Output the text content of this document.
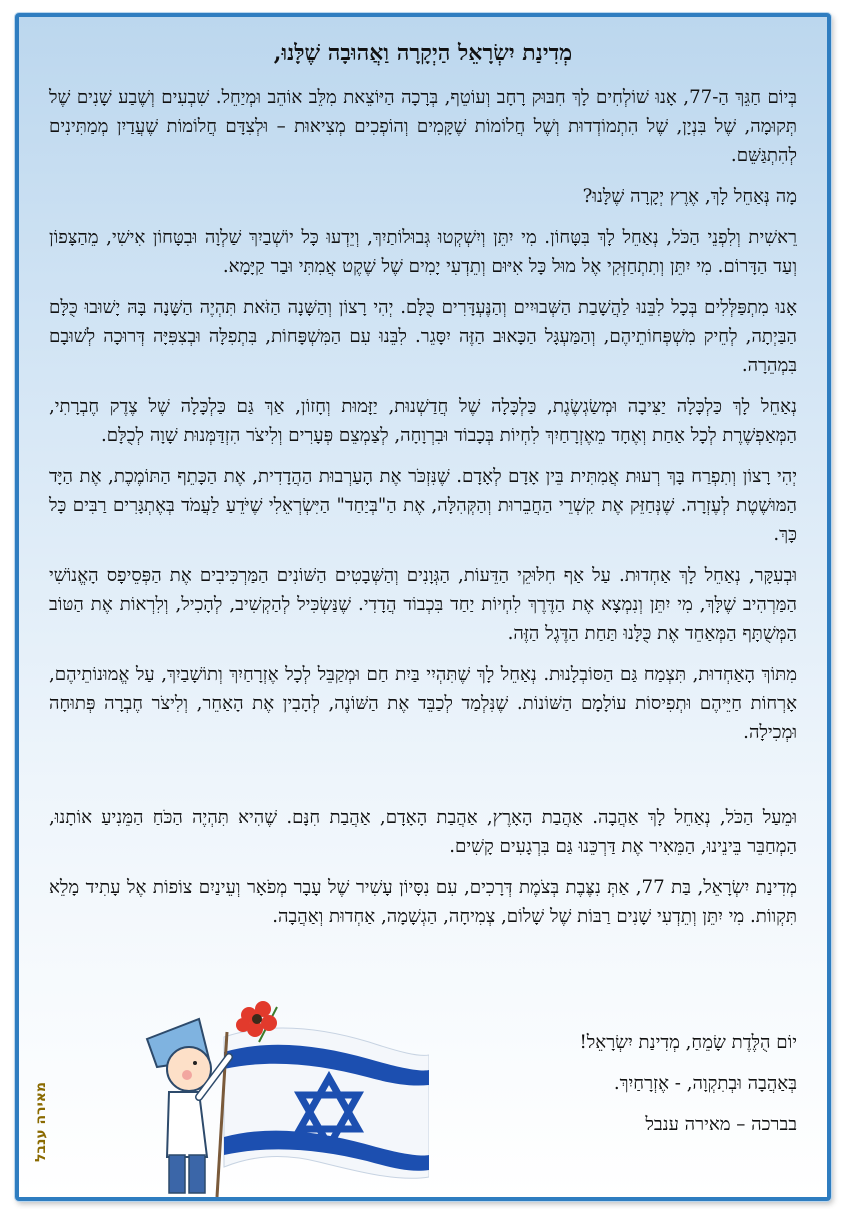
מְדִינַת יִשְׂרָאֵל הַיְקָרָה וַאֲהוּבָה שֶׁלָּנוּ,

בְּיוֹם חַגֵּךְ הַ-77, אָנוּ שׁוֹלְחִים לָךְ חִבּוּק רָחָב וְעוֹטֵף, בְּרָכָה הַיּוֹצֵאת מִלֵּב אוֹהֵב וּמְיַחֵל. שִׁבְעִים וְשֶׁבַע שָׁנִים שֶׁל תְּקוּמָה, שֶׁל בִּנְיָן, שֶׁל הִתְמוֹדְדוּת וְשֶׁל חֲלוֹמוֹת שֶׁקָּמִים וְהוֹפְכִים מְצִיאוּת – וּלְצִדָּם חֲלוֹמוֹת שֶׁעֲדַיִן מְמַתִּינִים לְהִתְגַּשֵּׁם.

מָה נְּאַחֵל לָךְ, אֶרֶץ יְקָרָה שֶׁלָּנוּ?

רֵאשִׁית וְלִפְנֵי הַכֹּל, נְאַחֵל לָךְ בִּטָּחוֹן. מִי יִתֵּן וְיִשְׁקְטוּ גְּבוּלוֹתַיִךְ, וְיֵדְעוּ כָּל יוֹשְׁבַיִךְ שַׁלְוָה וּבִטָּחוֹן אִישִׁי, מֵהַצָּפוֹן וְעַד הַדָּרוֹם. מִי יִתֵּן וְתִתְחַזְּקִי אֶל מוּל כָּל אִיּוּם וְתֵדְעִי יָמִים שֶׁל שֶׁקֶט אֲמִתִּי וּבַר קַיָּמָא.

אָנוּ מִתְפַּלְּלִים בְּכָל לִבֵּנוּ לַהֲשָׁבַת הַשְּׁבוּיִים וְהַנֶּעְדָּרִים כֻּלָּם. יְהִי רָצוֹן וְהַשָּׁנָה הַזֹּאת תִּהְיֶה הַשָּׁנָה בָּהּ יָשׁוּבוּ כֻּלָּם הַבַּיְתָה, לְחֵיק מִשְׁפְּחוֹתֵיהֶם, וְהַמַּעְגָּל הַכָּאוּב הַזֶּה יִסָּגֵר. לִבֵּנוּ עִם הַמִּשְׁפָּחוֹת, בִּתְפִלָּה וּבְצִפִּיָּה דְּרוּכָה לְשׁוּבָם בִּמְהֵרָה.

נְאַחֵל לָךְ כַּלְכָּלָה יַצִּיבָה וּמְשַׂגְשֶׂגֶת, כַּלְכָּלָה שֶׁל חֲדַשְׁנוּת, יַזָּמוּת וְחָזוֹן, אַךְ גַּם כַּלְכָּלָה שֶׁל צֶדֶק חֶבְרָתִי, הַמְּאַפְשֶׁרֶת לְכָל אַחַת וְאֶחָד מֵאֶזְרָחַיִךְ לִחְיוֹת בְּכָבוֹד וּבִרְוָחָה, לְצַמְצֵם פְּעָרִים וְלִיצֹר הִזְדַּמְּנוּת שָׁוָה לְכֻלָּם.

יְהִי רָצוֹן וְתִפְרַח בָּךְ רְעוּת אֲמִתִּית בֵּין אָדָם לְאָדָם. שֶׁנִּזְכֹּר אֶת הָעַרְבוּת הַהֲדָדִית, אֶת הַכָּתֵף הַתּוֹמֶכֶת, אֶת הַיָּד הַמּוּשֶׁטֶת לְעֶזְרָה. שֶׁנְּחַזֵּק אֶת קִשְׁרֵי הַחֲבֵרוּת וְהַקְּהִלָּה, אֶת הַ"בְּיַחַד" הַיִּשְׂרְאֵלִי שֶׁיֹּדֵעַ לַעֲמֹד בְּאֶתְגָּרִים רַבִּים כָּל כָּךְ.

וּבְעִקָּר, נְאַחֵל לָךְ אַחְדוּת. עַל אַף חִלּוּקֵי הַדֵּעוֹת, הַגְּוָנִים וְהַשְּׁבָטִים הַשּׁוֹנִים הַמַּרְכִּיבִים אֶת הַפְּסֵיפָס הָאֱנוֹשִׁי הַמַּרְהִיב שֶׁלָּךְ, מִי יִתֵּן וְנִמְצָא אֶת הַדֶּרֶךְ לִחְיוֹת יַחַד בִּכְבוֹד הֲדָדִי. שֶׁנַּשְׂכִּיל לְהַקְשִׁיב, לְהָכִיל, וְלִרְאוֹת אֶת הַטּוֹב הַמְּשֻׁתָּף הַמְּאַחֵד אֶת כֻּלָּנוּ תַּחַת הַדֶּגֶל הַזֶּה.

מִתּוֹךְ הָאַחְדוּת, תִּצְמַח גַּם הַסּוֹבְלָנוּת. נְאַחֵל לָךְ שֶׁתִּהְיִי בַּיִת חַם וּמְקַבֵּל לְכָל אֶזְרָחַיִךְ וְתוֹשָׁבַיִךְ, עַל אֱמוּנוֹתֵיהֶם, אָרְחוֹת חַיֵּיהֶם וּתְפִיסוֹת עוֹלָמָם הַשּׁוֹנוֹת. שֶׁנִּלְמַד לְכַבֵּד אֶת הַשּׁוֹנֶה, לְהָבִין אֶת הָאַחֵר, וְלִיצֹר חֶבְרָה פְּתוּחָה וּמְכִילָה.

וּמֵעַל הַכֹּל, נְאַחֵל לָךְ אַהֲבָה. אַהֲבַת הָאָרֶץ, אַהֲבַת הָאָדָם, אַהֲבַת חִנָּם. שֶׁהִיא תִּהְיֶה הַכֹּחַ הַמֵּנִיעַ אוֹתָנוּ, הַמְחַבֵּר בֵּינֵינוּ, הַמֵּאִיר אֶת דַּרְכֵּנוּ גַּם בִּרְגָעִים קָשִׁים.

מְדִינַת יִשְׂרָאֵל, בַּת 77, אַתְּ נִצֶּבֶת בְּצֹמֶת דְּרָכִים, עִם נִסָּיוֹן עָשִׁיר שֶׁל עָבָר מְפֹאָר וְעֵינַיִם צוֹפוֹת אֶל עָתִיד מָלֵא תִּקְווֹת. מִי יִתֵּן וְתֵדְעִי שָׁנִים רַבּוֹת שֶׁל שָׁלוֹם, צְמִיחָה, הַגְשָׁמָה, אַחְדוּת וְאַהֲבָה.

מאירה ענבל

יוֹם הֻלֶּדֶת שָׂמֵחַ, מְדִינַת יִשְׂרָאֵל!

בְּאַהֲבָה וּבְתִקְוָה, - אֶזְרָחַיִךְ.

בברכה – מאירה ענבל
